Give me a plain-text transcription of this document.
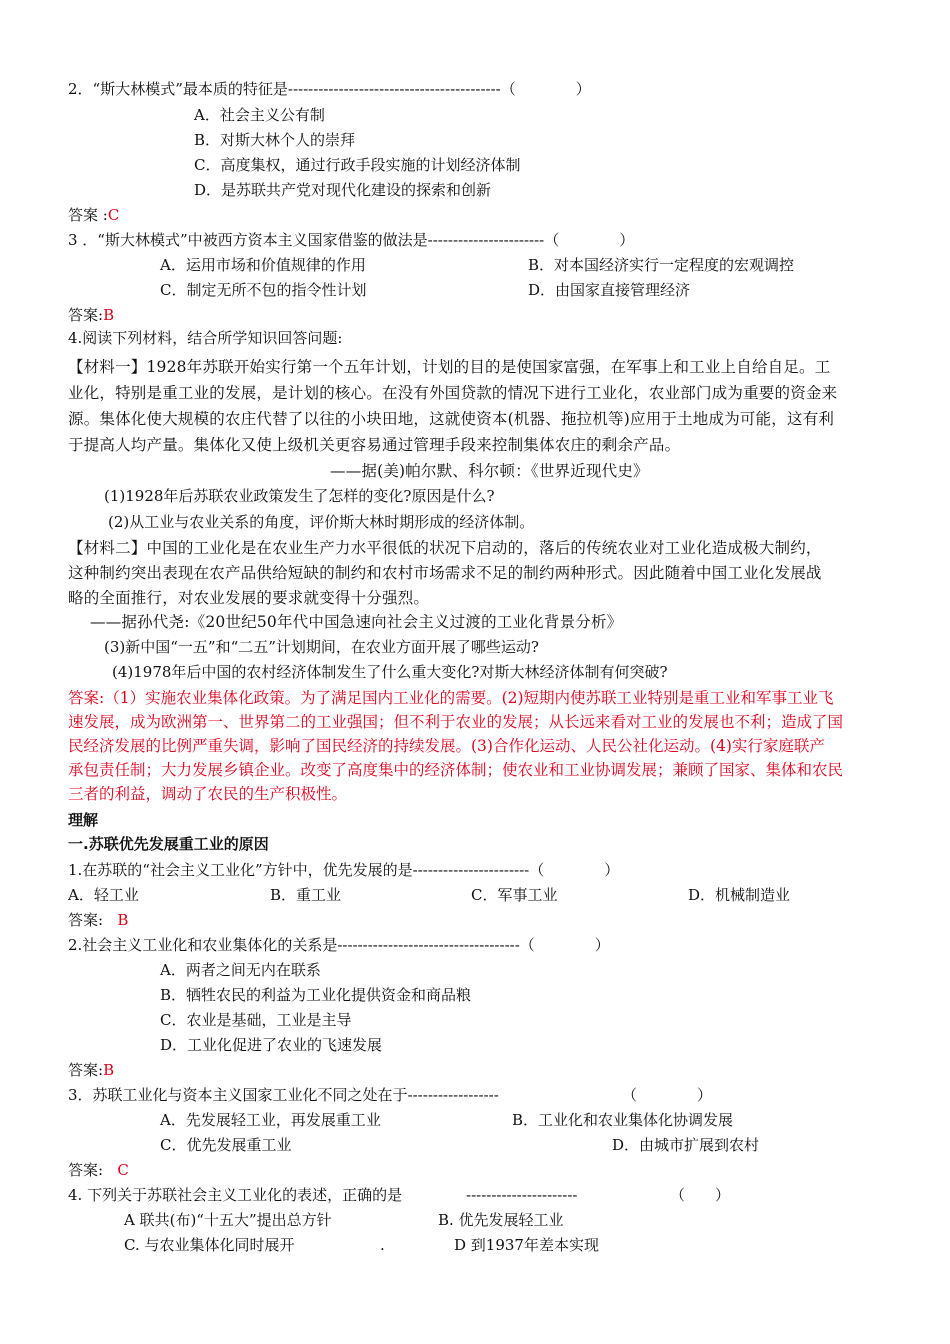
2．“斯大林模式”最本质的特征是------------------------------------------（　　　　）
A．社会主义公有制
B．对斯大林个人的崇拜
C．高度集权，通过行政手段实施的计划经济体制
D．是苏联共产党对现代化建设的探索和创新
答案 :C
3 ．“斯大林模式”中被西方资本主义国家借鉴的做法是-----------------------（　　　　）
A．运用市场和价值规律的作用	B．对本国经济实行一定程度的宏观调控
C．制定无所不包的指令性计划	D．由国家直接管理经济
答案:B
4.阅读下列材料，结合所学知识回答问题:
【材料一】1928年苏联开始实行第一个五年计划，计划的目的是使国家富强，在军事上和工业上自给自足。工
业化，特别是重工业的发展，是计划的核心。在没有外国贷款的情况下进行工业化，农业部门成为重要的资金来
源。集体化使大规模的农庄代替了以往的小块田地，这就使资本(机器、拖拉机等)应用于土地成为可能，这有利
于提高人均产量。集体化又使上级机关更容易通过管理手段来控制集体农庄的剩余产品。
——据(美)帕尔默、科尔顿：《世界近现代史》
(1)1928年后苏联农业政策发生了怎样的变化?原因是什么?
(2)从工业与农业关系的角度，评价斯大林时期形成的经济体制。
【材料二】中国的工业化是在农业生产力水平很低的状况下启动的，落后的传统农业对工业化造成极大制约，
这种制约突出表现在农产品供给短缺的制约和农村市场需求不足的制约两种形式。因此随着中国工业化发展战
略的全面推行，对农业发展的要求就变得十分强烈。
——据孙代尧:《20世纪50年代中国急速向社会主义过渡的工业化背景分析》
(3)新中国“一五”和“二五”计划期间，在农业方面开展了哪些运动?
(4)1978年后中国的农村经济体制发生了什么重大变化?对斯大林经济体制有何突破?
答案:（1）实施农业集体化政策。为了满足国内工业化的需要。(2)短期内使苏联工业特别是重工业和军事工业飞
速发展，成为欧洲第一、世界第二的工业强国；但不利于农业的发展；从长远来看对工业的发展也不利；造成了国
民经济发展的比例严重失调，影响了国民经济的持续发展。(3)合作化运动、人民公社化运动。(4)实行家庭联产
承包责任制；大力发展乡镇企业。改变了高度集中的经济体制；使农业和工业协调发展；兼顾了国家、集体和农民
三者的利益，调动了农民的生产积极性。
理解
一.苏联优先发展重工业的原因
1.在苏联的“社会主义工业化”方针中，优先发展的是-----------------------（　　　　）
A．轻工业	B．重工业	C．军事工业	D．机械制造业
答案: B
2.社会主义工业化和农业集体化的关系是------------------------------------（　　　　）
A．两者之间无内在联系
B．牺牲农民的利益为工业化提供资金和商品粮
C．农业是基础，工业是主导
D．工业化促进了农业的飞速发展
答案:B
3．苏联工业化与资本主义国家工业化不同之处在于------------------	（　　　　）
A．先发展轻工业，再发展重工业	B．工业化和农业集体化协调发展
C．优先发展重工业	D．由城市扩展到农村
答案: C
4. 下列关于苏联社会主义工业化的表述，正确的是	----------------------	（　　）
A 联共(布)“十五大”提出总方针	B. 优先发展轻工业
C. 与农业集体化同时展开	.	D 到1937年差本实现
